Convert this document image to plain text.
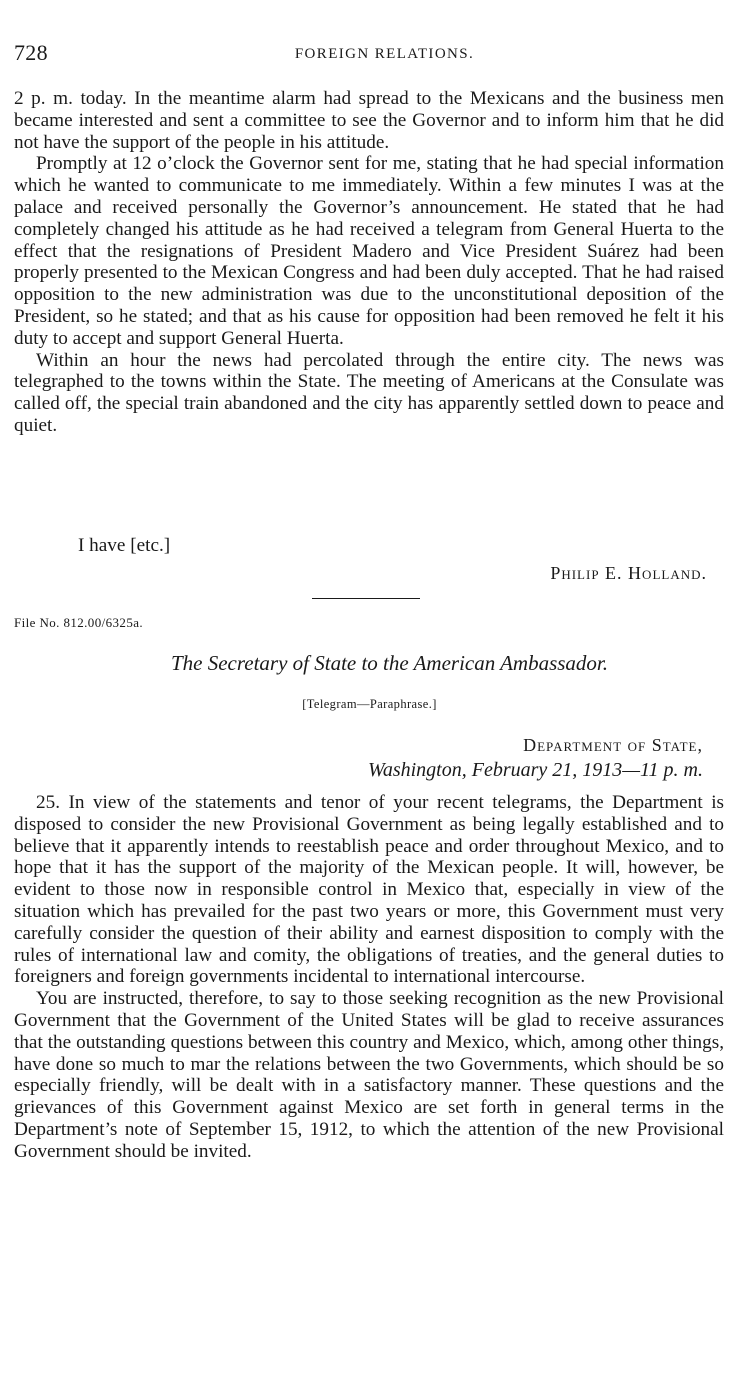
728	FOREIGN RELATIONS.

2 p. m. today. In the meantime alarm had spread to the Mexicans and the business men became interested and sent a committee to see the Governor and to inform him that he did not have the support of the people in his attitude.

Promptly at 12 o’clock the Governor sent for me, stating that he had special information which he wanted to communicate to me immediately. Within a few minutes I was at the palace and received personally the Governor’s announcement. He stated that he had completely changed his attitude as he had received a telegram from General Huerta to the effect that the resignations of President Madero and Vice President Suárez had been properly presented to the Mexican Congress and had been duly accepted. That he had raised opposition to the new administration was due to the unconstitutional deposition of the President, so he stated; and that as his cause for opposition had been removed he felt it his duty to accept and support General Huerta.

Within an hour the news had percolated through the entire city. The news was telegraphed to the towns within the State. The meeting of Americans at the Consulate was called off, the special train abandoned and the city has apparently settled down to peace and quiet.

I have [etc.]
Philip E. Holland.
File No. 812.00/6325a.
The Secretary of State to the American Ambassador.
[Telegram—Paraphrase.]
Department of State,
Washington, February 21, 1913—11 p. m.

25. In view of the statements and tenor of your recent telegrams, the Department is disposed to consider the new Provisional Government as being legally established and to believe that it apparently intends to reestablish peace and order throughout Mexico, and to hope that it has the support of the majority of the Mexican people. It will, however, be evident to those now in responsible control in Mexico that, especially in view of the situation which has prevailed for the past two years or more, this Government must very carefully consider the question of their ability and earnest disposition to comply with the rules of international law and comity, the obligations of treaties, and the general duties to foreigners and foreign governments incidental to international intercourse.

You are instructed, therefore, to say to those seeking recognition as the new Provisional Government that the Government of the United States will be glad to receive assurances that the outstanding questions between this country and Mexico, which, among other things, have done so much to mar the relations between the two Governments, which should be so especially friendly, will be dealt with in a satisfactory manner. These questions and the grievances of this Government against Mexico are set forth in general terms in the Department’s note of September 15, 1912, to which the attention of the new Provisional Government should be invited.
